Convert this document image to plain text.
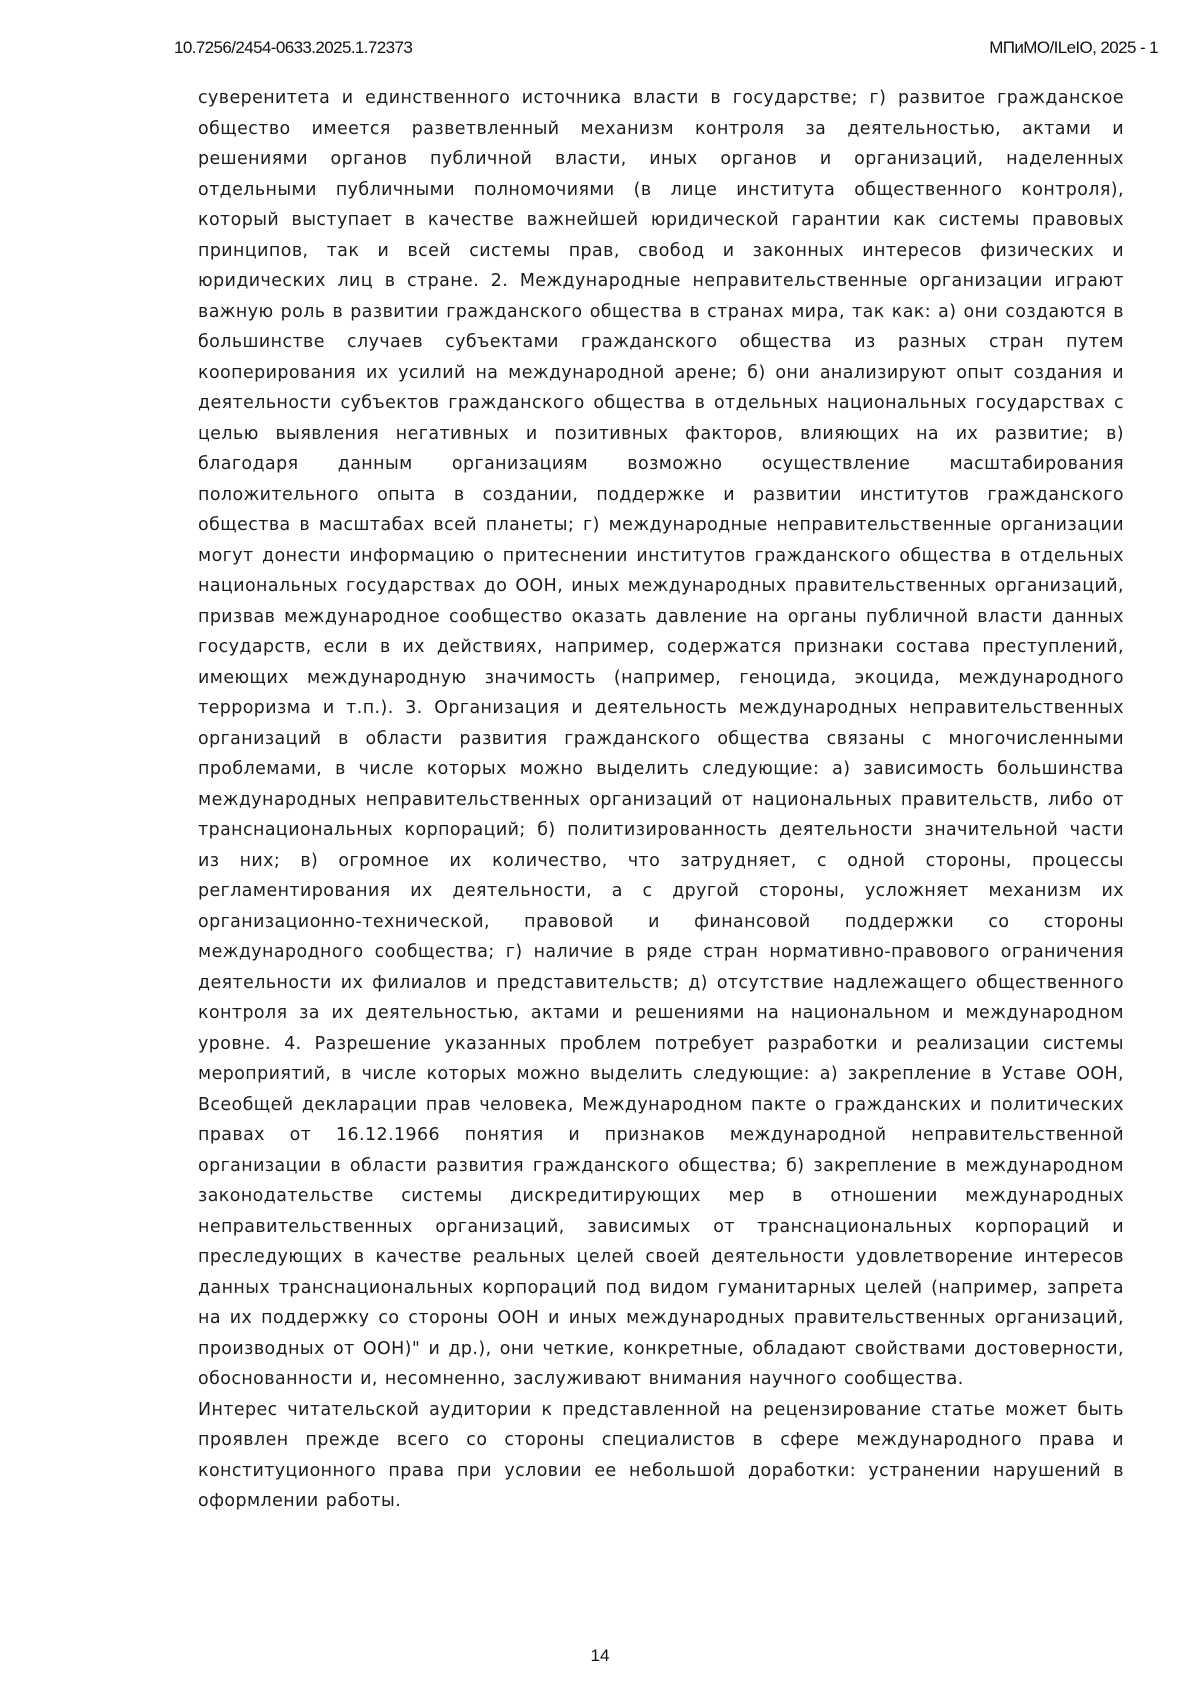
10.7256/2454-0633.2025.1.72373	МПиМО/ILeIO, 2025 - 1

суверенитета и единственного источника власти в государстве; г) развитое гражданское общество имеется разветвленный механизм контроля за деятельностью, актами и решениями органов публичной власти, иных органов и организаций, наделенных отдельными публичными полномочиями (в лице института общественного контроля), который выступает в качестве важнейшей юридической гарантии как системы правовых принципов, так и всей системы прав, свобод и законных интересов физических и юридических лиц в стране. 2. Международные неправительственные организации играют важную роль в развитии гражданского общества в странах мира, так как: а) они создаются в большинстве случаев субъектами гражданского общества из разных стран путем кооперирования их усилий на международной арене; б) они анализируют опыт создания и деятельности субъектов гражданского общества в отдельных национальных государствах с целью выявления негативных и позитивных факторов, влияющих на их развитие; в) благодаря данным организациям возможно осуществление масштабирования положительного опыта в создании, поддержке и развитии институтов гражданского общества в масштабах всей планеты; г) международные неправительственные организации могут донести информацию о притеснении институтов гражданского общества в отдельных национальных государствах до ООН, иных международных правительственных организаций, призвав международное сообщество оказать давление на органы публичной власти данных государств, если в их действиях, например, содержатся признаки состава преступлений, имеющих международную значимость (например, геноцида, экоцида, международного терроризма и т.п.). 3. Организация и деятельность международных неправительственных организаций в области развития гражданского общества связаны с многочисленными проблемами, в числе которых можно выделить следующие: а) зависимость большинства международных неправительственных организаций от национальных правительств, либо от транснациональных корпораций; б) политизированность деятельности значительной части из них; в) огромное их количество, что затрудняет, с одной стороны, процессы регламентирования их деятельности, а с другой стороны, усложняет механизм их организационно-технической, правовой и финансовой поддержки со стороны международного сообщества; г) наличие в ряде стран нормативно-правового ограничения деятельности их филиалов и представительств; д) отсутствие надлежащего общественного контроля за их деятельностью, актами и решениями на национальном и международном уровне. 4. Разрешение указанных проблем потребует разработки и реализации системы мероприятий, в числе которых можно выделить следующие: а) закрепление в Уставе ООН, Всеобщей декларации прав человека, Международном пакте о гражданских и политических правах от 16.12.1966 понятия и признаков международной неправительственной организации в области развития гражданского общества; б) закрепление в международном законодательстве системы дискредитирующих мер в отношении международных неправительственных организаций, зависимых от транснациональных корпораций и преследующих в качестве реальных целей своей деятельности удовлетворение интересов данных транснациональных корпораций под видом гуманитарных целей (например, запрета на их поддержку со стороны ООН и иных международных правительственных организаций, производных от ООН)" и др.), они четкие, конкретные, обладают свойствами достоверности, обоснованности и, несомненно, заслуживают внимания научного сообщества.

Интерес читательской аудитории к представленной на рецензирование статье может быть проявлен прежде всего со стороны специалистов в сфере международного права и конституционного права при условии ее небольшой доработки: устранении нарушений в оформлении работы.

14
